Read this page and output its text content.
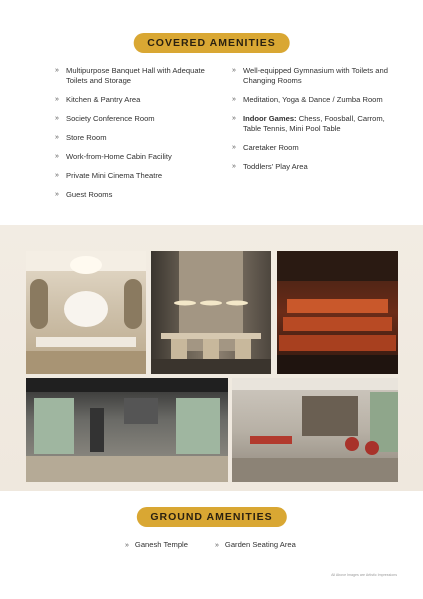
COVERED AMENITIES
» Multipurpose Banquet Hall with Adequate Toilets and Storage
» Kitchen & Pantry Area
» Society Conference Room
» Store Room
» Work-from-Home Cabin Facility
» Private Mini Cinema Theatre
» Guest Rooms
» Well-equipped Gymnasium with Toilets and Changing Rooms
» Meditation, Yoga & Dance / Zumba Room
» Indoor Games: Chess, Foosball, Carrom, Table Tennis, Mini Pool Table
» Caretaker Room
» Toddlers’ Play Area
GROUND AMENITIES
» Ganesh Temple	» Garden Seating Area
All Above Images are Artistic Impressions
